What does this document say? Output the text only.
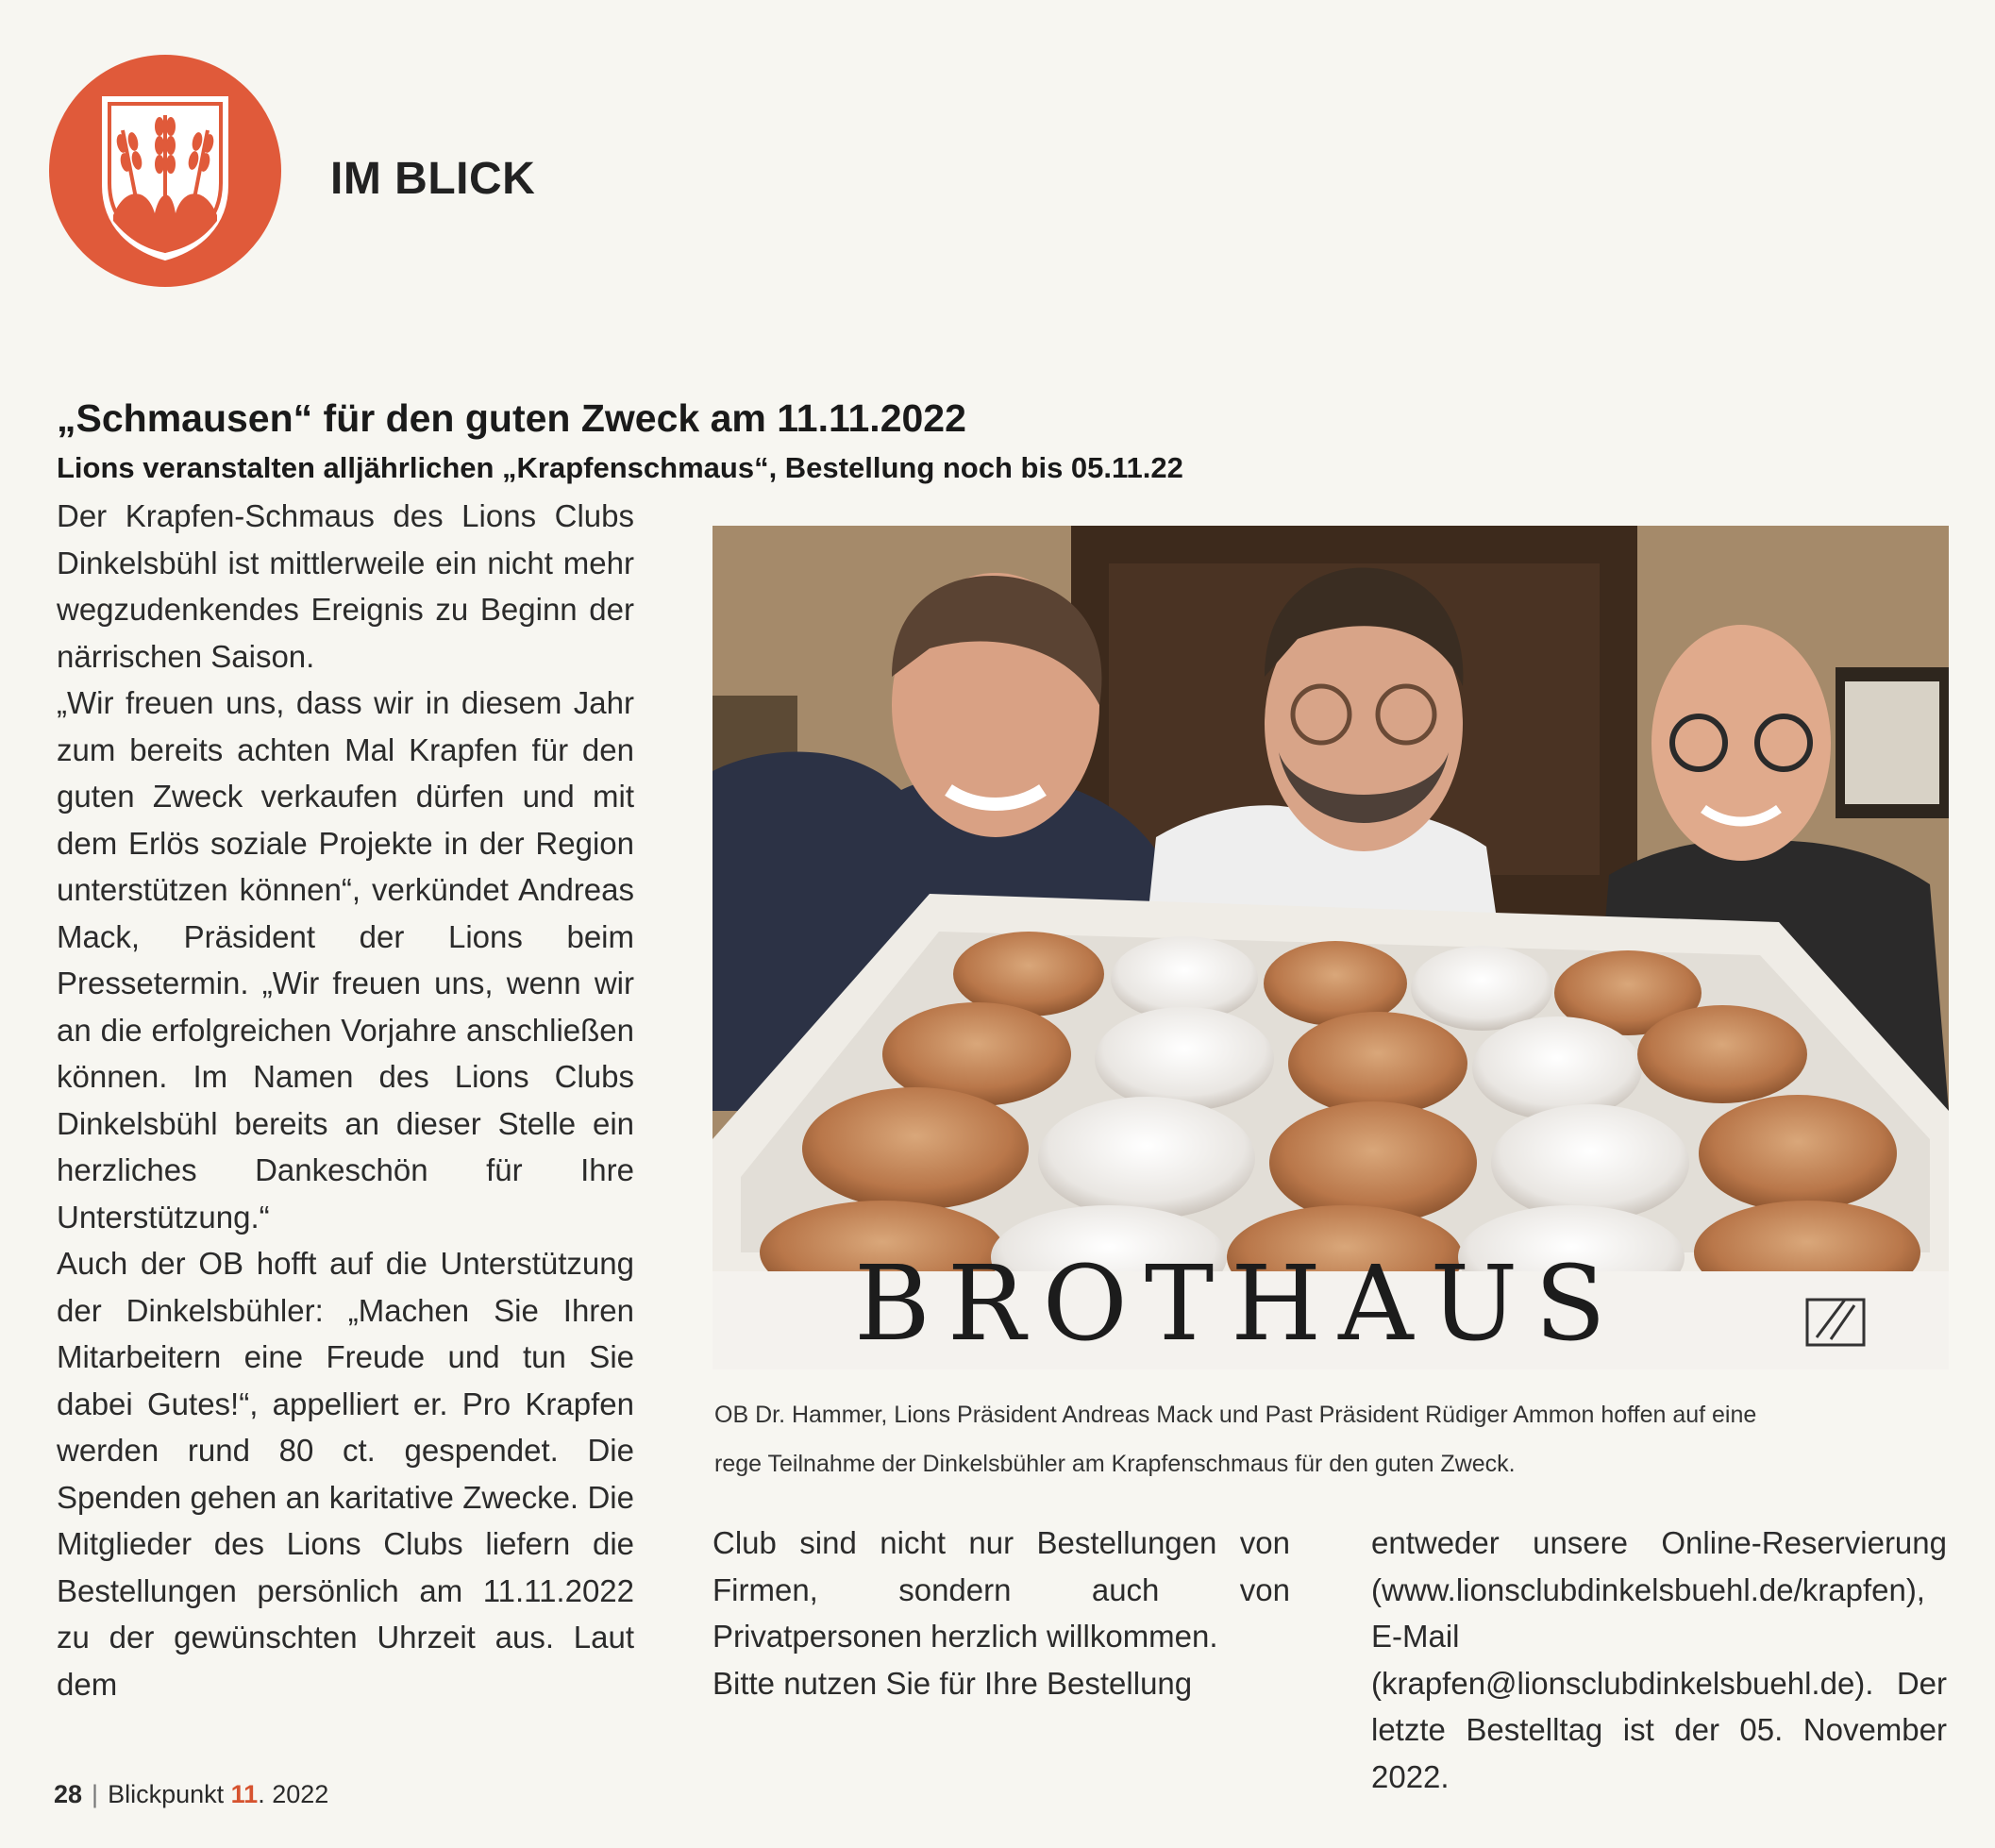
IM BLICK
„Schmausen“ für den guten Zweck am 11.11.2022
Lions veranstalten alljährlichen „Krapfenschmaus“, Bestellung noch bis 05.11.22

Der Krapfen-Schmaus des Lions Clubs Dinkelsbühl ist mittlerweile ein nicht mehr wegzudenkendes Ereignis zu Beginn der närrischen Saison.

„Wir freuen uns, dass wir in diesem Jahr zum bereits achten Mal Krapfen für den guten Zweck verkaufen dürfen und mit dem Erlös soziale Projekte in der Region unterstützen können“, verkündet Andreas Mack, Präsident der Lions beim Pressetermin. „Wir freuen uns, wenn wir an die erfolgreichen Vorjahre anschließen können. Im Namen des Lions Clubs Dinkelsbühl bereits an dieser Stelle ein herzliches Dankeschön für Ihre Unterstützung.“

Auch der OB hofft auf die Unterstützung der Dinkelsbühler: „Machen Sie Ihren Mitarbeitern eine Freude und tun Sie dabei Gutes!“, appelliert er. Pro Krapfen werden rund 80 ct. gespendet. Die Spenden gehen an karitative Zwecke. Die Mitglieder des Lions Clubs liefern die Bestellungen persönlich am 11.11.2022 zu der gewünschten Uhrzeit aus. Laut dem

BROTHAUS
OB Dr. Hammer, Lions Präsident Andreas Mack und Past Präsident Rüdiger Ammon hoffen auf eine
rege Teilnahme der Dinkelsbühler am Krapfenschmaus für den guten Zweck.

Club sind nicht nur Bestellungen von Firmen, sondern auch von Privatpersonen herzlich willkommen.

Bitte nutzen Sie für Ihre Bestellung

entweder unsere Online-Reservierung (www.lionsclubdinkelsbuehl.de/krapfen), E-Mail (krapfen@lionsclubdinkelsbuehl.de). Der letzte Bestelltag ist der 05. November 2022.

28 | Blickpunkt 11. 2022
